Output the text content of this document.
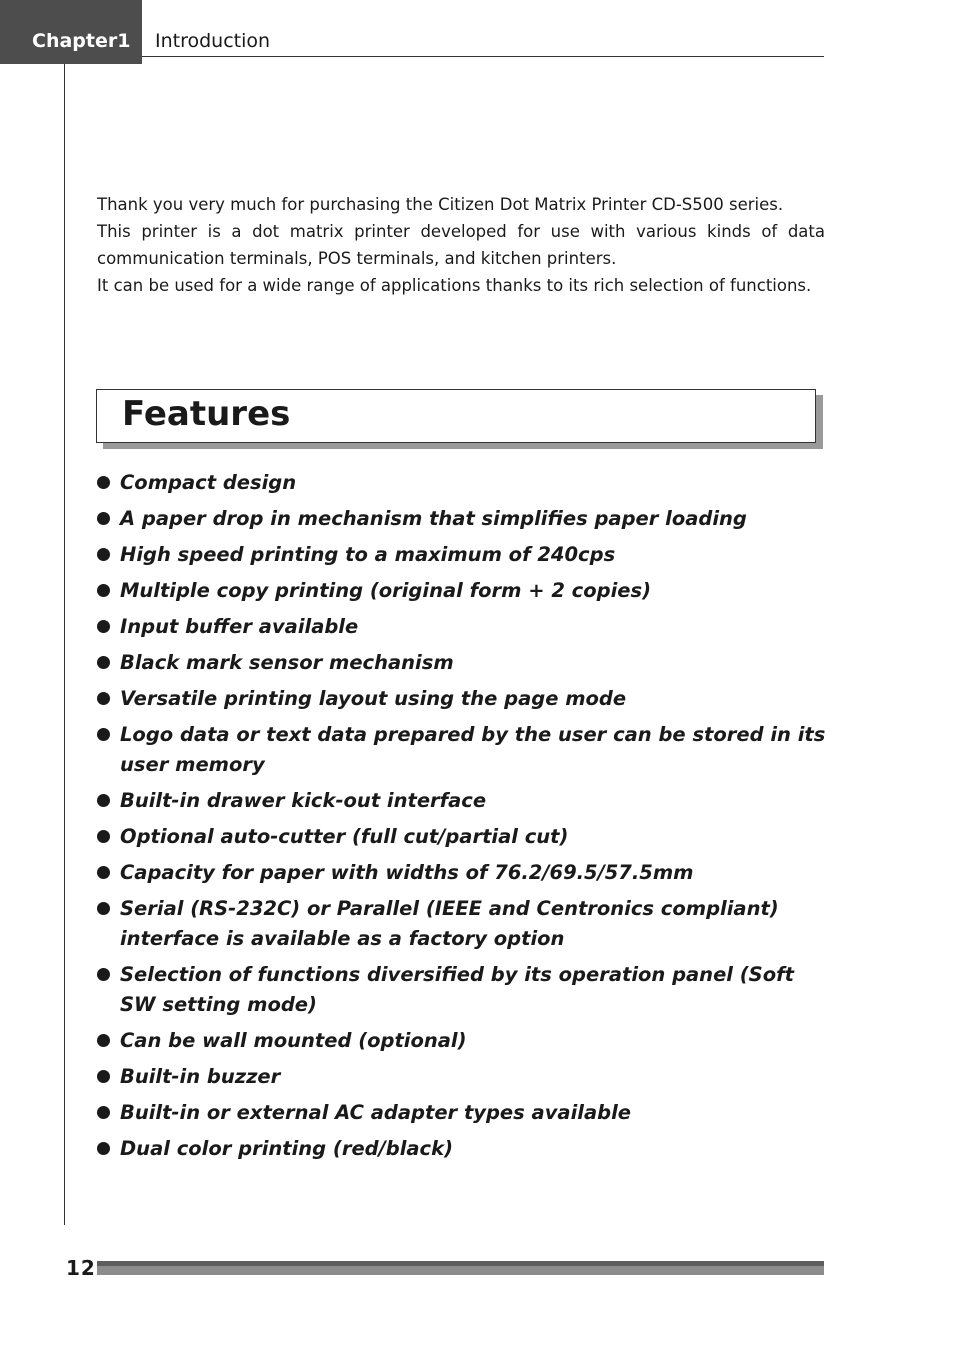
Chapter1	Introduction

Thank you very much for purchasing the Citizen Dot Matrix Printer CD-S500 series.

This printer is a dot matrix printer developed for use with various kinds of data communication terminals, POS terminals, and kitchen printers.

It can be used for a wide range of applications thanks to its rich selection of functions.

Features
Compact design
A paper drop in mechanism that simplifies paper loading
High speed printing to a maximum of 240cps
Multiple copy printing (original form + 2 copies)
Input buffer available
Black mark sensor mechanism
Versatile printing layout using the page mode
Logo data or text data prepared by the user can be stored in its user memory
Built-in drawer kick-out interface
Optional auto-cutter (full cut/partial cut)
Capacity for paper with widths of 76.2/69.5/57.5mm
Serial (RS-232C) or Parallel (IEEE and Centronics compliant) interface is available as a factory option
Selection of functions diversified by its operation panel (Soft SW setting mode)
Can be wall mounted (optional)
Built-in buzzer
Built-in or external AC adapter types available
Dual color printing (red/black)
12
